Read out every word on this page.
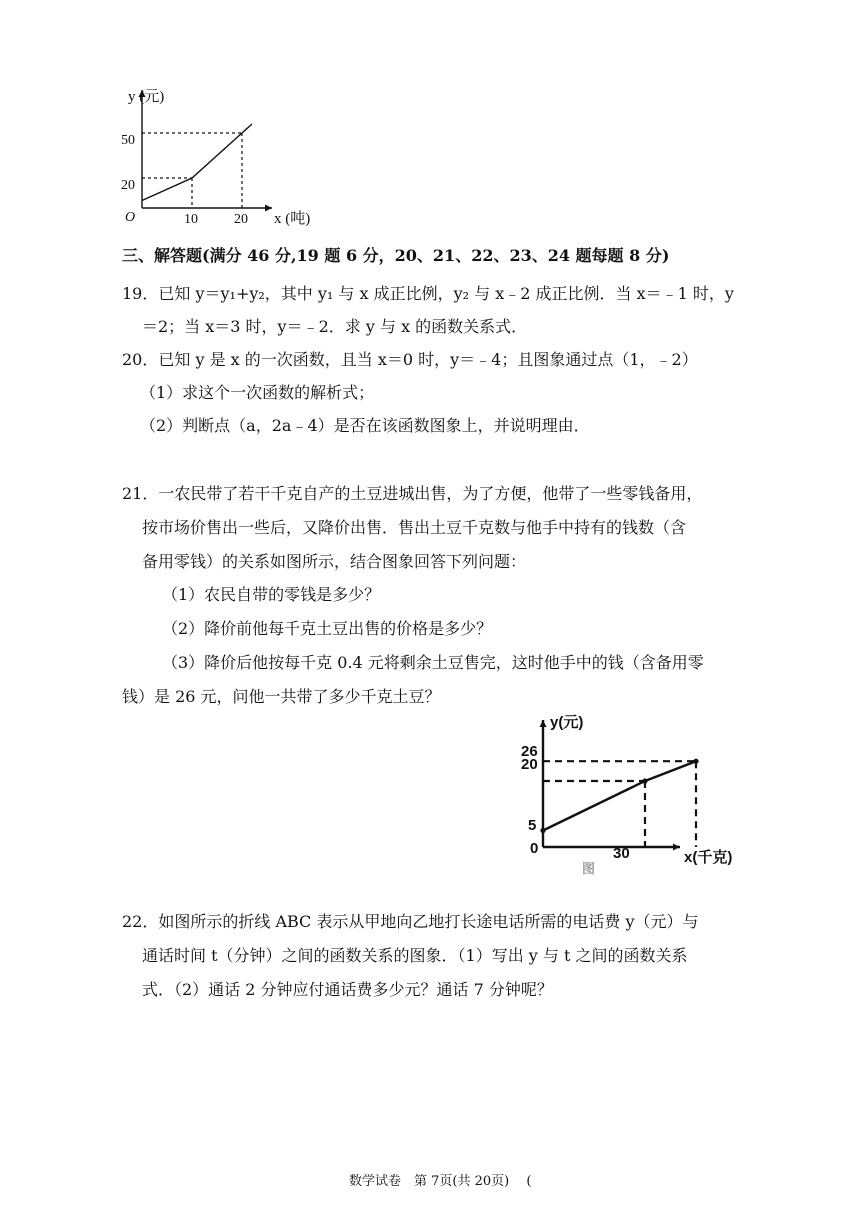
y (元)
x (吨)
O	10	20
20
50
三、解答题(满分 46 分,19 题 6 分，20、21、22、23、24 题每题 8 分)
19．已知 y＝y₁+y₂，其中 y₁ 与 x 成正比例，y₂ 与 x﹣2 成正比例．当 x＝﹣1 时，y
＝2；当 x＝3 时，y＝﹣2．求 y 与 x 的函数关系式．
20．已知 y 是 x 的一次函数，且当 x＝0 时，y＝﹣4；且图象通过点（1，﹣2）
（1）求这个一次函数的解析式；
（2）判断点（a，2a﹣4）是否在该函数图象上，并说明理由．
21．一农民带了若干千克自产的土豆进城出售，为了方便，他带了一些零钱备用，
按市场价售出一些后，又降价出售．售出土豆千克数与他手中持有的钱数（含
备用零钱）的关系如图所示，结合图象回答下列问题：
（1）农民自带的零钱是多少？
（2）降价前他每千克土豆出售的价格是多少？
（3）降价后他按每千克 0.4 元将剩余土豆售完，这时他手中的钱（含备用零
钱）是 26 元，问他一共带了多少千克土豆？
y(元)
x(千克)
0	30
5
20
26
图
22．如图所示的折线 ABC 表示从甲地向乙地打长途电话所需的电话费 y（元）与
通话时间 t（分钟）之间的函数关系的图象．（1）写出 y 与 t 之间的函数关系
式．（2）通话 2 分钟应付通话费多少元？通话 7 分钟呢？
数学试卷　第 7页(共 20页)　 (
